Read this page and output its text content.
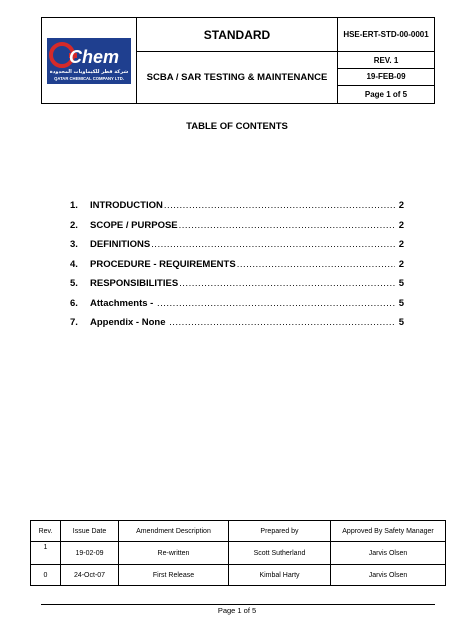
Chem
شركة قطر للكيماويات المحدودة
QATAR CHEMICAL COMPANY LTD.	STANDARD	HSE-ERT-STD-00-0001
	SCBA / SAR TESTING & MAINTENANCE	REV. 1

		19-FEB-09
Page 1 of 5
TABLE OF CONTENTS
1.	INTRODUCTION .....	2
2.	SCOPE / PURPOSE .....	2
3.	DEFINITIONS .....	2
4.	PROCEDURE - REQUIREMENTS .....	2
5.	RESPONSIBILITIES .....	5
6.	Attachments - .....	5
7.	Appendix - None .....	5
Rev.	Issue Date	Amendment Description	Prepared by	Approved By Safety Manager
1	19-02-09	Re-written	Scott Sutherland	Jarvis Olsen
0	24-Oct-07	First Release	Kimbal Harty	Jarvis Olsen
Page 1 of 5
